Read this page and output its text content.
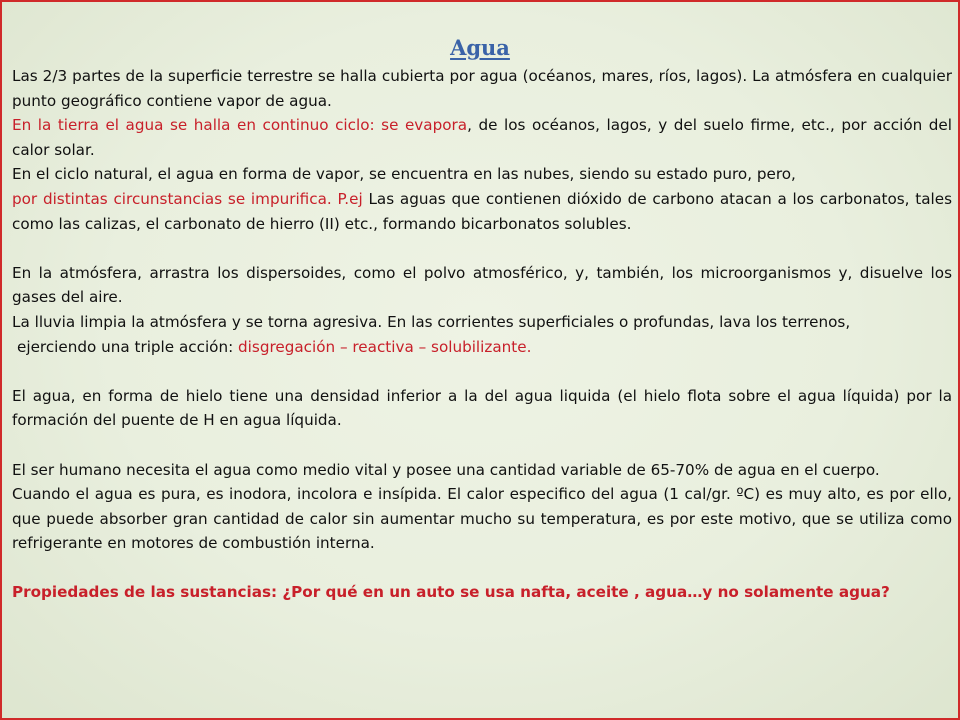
Agua

Las 2/3 partes de la superficie terrestre se halla cubierta por agua (océanos, mares, ríos, lagos). La atmósfera en cualquier punto geográfico contiene vapor de agua.

En la tierra el agua se halla en continuo ciclo: se evapora, de los océanos, lagos, y del suelo firme, etc., por acción del calor solar.

En el ciclo natural, el agua en forma de vapor, se encuentra en las nubes, siendo su estado puro, pero,

por distintas circunstancias se impurifica. P.ej Las aguas que contienen dióxido de carbono atacan a los carbonatos, tales como las calizas, el carbonato de hierro (II) etc., formando bicarbonatos solubles.

En la atmósfera, arrastra los dispersoides, como el polvo atmosférico, y, también, los microorganismos y, disuelve los gases del aire.

La lluvia limpia la atmósfera y se torna agresiva. En las corrientes superficiales o profundas, lava los terrenos,

ejerciendo una triple acción: disgregación – reactiva – solubilizante.

El agua, en forma de hielo tiene una densidad inferior a la del agua liquida (el hielo flota sobre el agua líquida) por la formación del puente de H en agua líquida.

El ser humano necesita el agua como medio vital y posee una cantidad variable de 65-70% de agua en el cuerpo.

Cuando el agua es pura, es inodora, incolora e insípida. El calor especifico del agua (1 cal/gr. ºC) es muy alto, es por ello, que puede absorber gran cantidad de calor sin aumentar mucho su temperatura, es por este motivo, que se utiliza como refrigerante en motores de combustión interna.

Propiedades de las sustancias: ¿Por qué en un auto se usa nafta, aceite , agua…y no solamente agua?
